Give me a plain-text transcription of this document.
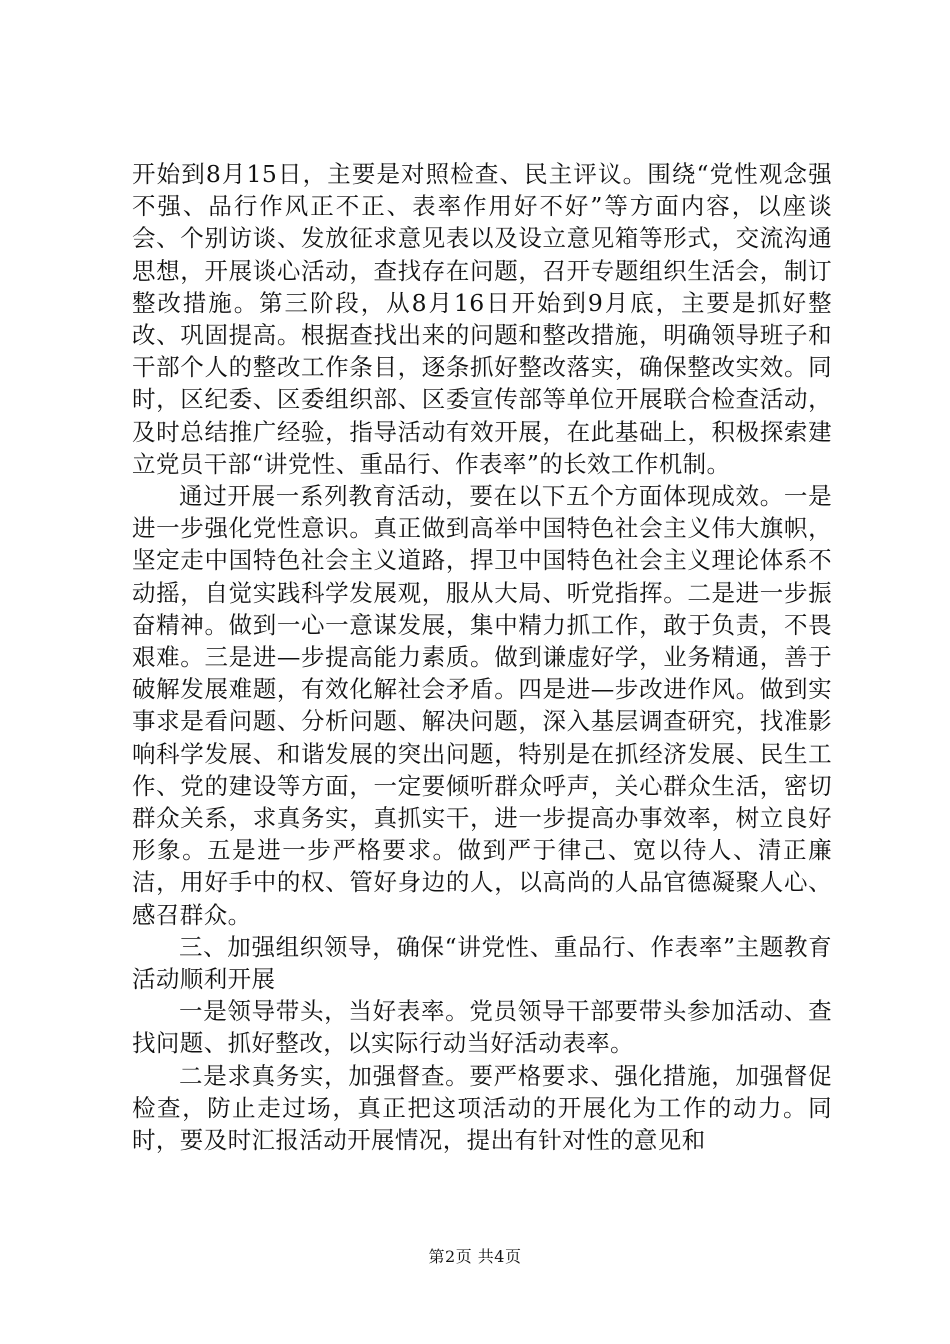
开始到8月15日，主要是对照检查、民主评议。围绕“党性观念强不强、品行作风正不正、表率作用好不好”等方面内容，以座谈会、个别访谈、发放征求意见表以及设立意见箱等形式，交流沟通思想，开展谈心活动，查找存在问题，召开专题组织生活会，制订整改措施。第三阶段，从8月16日开始到9月底，主要是抓好整改、巩固提高。根据查找出来的问题和整改措施，明确领导班子和干部个人的整改工作条目，逐条抓好整改落实，确保整改实效。同时，区纪委、区委组织部、区委宣传部等单位开展联合检查活动，及时总结推广经验，指导活动有效开展，在此基础上，积极探索建立党员干部“讲党性、重品行、作表率”的长效工作机制。

通过开展一系列教育活动，要在以下五个方面体现成效。一是进一步强化党性意识。真正做到高举中国特色社会主义伟大旗帜，坚定走中国特色社会主义道路，捍卫中国特色社会主义理论体系不动摇，自觉实践科学发展观，服从大局、听党指挥。二是进一步振奋精神。做到一心一意谋发展，集中精力抓工作，敢于负责，不畏艰难。三是进—步提高能力素质。做到谦虚好学，业务精通，善于破解发展难题，有效化解社会矛盾。四是进—步改进作风。做到实事求是看问题、分析问题、解决问题，深入基层调查研究，找准影响科学发展、和谐发展的突出问题，特别是在抓经济发展、民生工作、党的建设等方面，一定要倾听群众呼声，关心群众生活，密切群众关系，求真务实，真抓实干，进一步提高办事效率，树立良好形象。五是进一步严格要求。做到严于律己、宽以待人、清正廉洁，用好手中的权、管好身边的人，以高尚的人品官德凝聚人心、感召群众。

三、加强组织领导，确保“讲党性、重品行、作表率”主题教育活动顺利开展

一是领导带头，当好表率。党员领导干部要带头参加活动、查找问题、抓好整改，以实际行动当好活动表率。

二是求真务实，加强督查。要严格要求、强化措施，加强督促检查，防止走过场，真正把这项活动的开展化为工作的动力。同时，要及时汇报活动开展情况，提出有针对性的意见和

第2页 共4页
